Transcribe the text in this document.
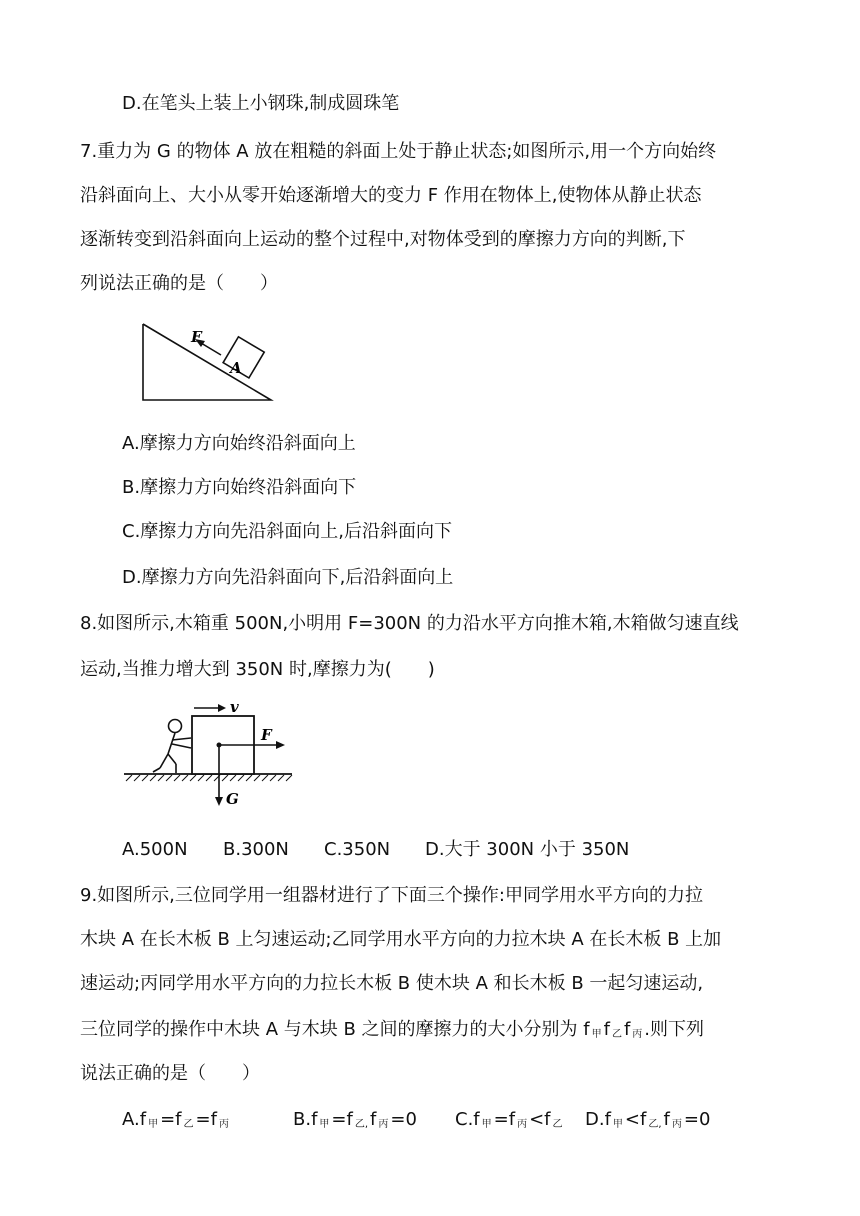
D.在笔头上装上小钢珠,制成圆珠笔
7.重力为 G 的物体 A 放在粗糙的斜面上处于静止状态;如图所示,用一个方向始终
沿斜面向上、大小从零开始逐渐增大的变力 F 作用在物体上,使物体从静止状态
逐渐转变到沿斜面向上运动的整个过程中,对物体受到的摩擦力方向的判断,下
列说法正确的是（　　）
A
F
A.摩擦力方向始终沿斜面向上
B.摩擦力方向始终沿斜面向下
C.摩擦力方向先沿斜面向上,后沿斜面向下
D.摩擦力方向先沿斜面向下,后沿斜面向上
8.如图所示,木箱重 500N,小明用 F=300N 的力沿水平方向推木箱,木箱做匀速直线
运动,当推力增大到 350N 时,摩擦力为(　　)
v
F
G
A.500N B.300N C.350N D.大于 300N 小于 350N
9.如图所示,三位同学用一组器材进行了下面三个操作:甲同学用水平方向的力拉
木块 A 在长木板 B 上匀速运动;乙同学用水平方向的力拉木块 A 在长木板 B 上加
速运动;丙同学用水平方向的力拉长木板 B 使木块 A 和长木板 B 一起匀速运动,
三位同学的操作中木块 A 与木块 B 之间的摩擦力的大小分别为 f $_甲$ f $_乙$ f $_丙$ .则下列
说法正确的是（　　）
A.f $_甲$ =f $_乙$ =f $_丙$	B.f $_甲$ =f $_{乙,}$ f $_丙$ =0 C.f $_甲$ =f $_丙$ <f $_乙$ D.f $_甲$ <f $_{乙,}$ f $_丙$ =0
